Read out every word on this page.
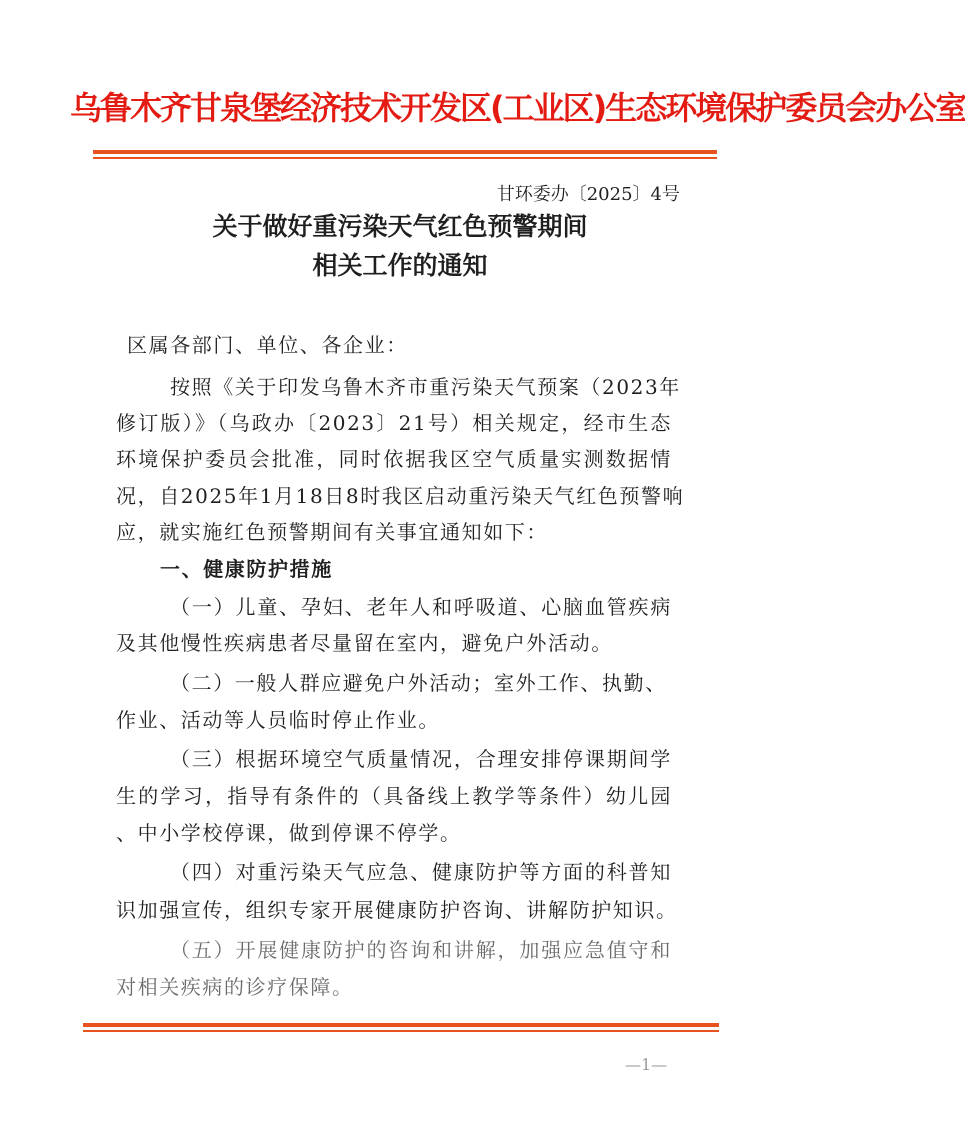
乌鲁木齐甘泉堡经济技术开发区(工业区)生态环境保护委员会办公室
甘环委办〔2025〕4号
关于做好重污染天气红色预警期间
相关工作的通知
区属各部门、单位、各企业：
按照《关于印发乌鲁木齐市重污染天气预案（2023年
修订版）》（乌政办〔2023〕21号）相关规定，经市生态
环境保护委员会批准，同时依据我区空气质量实测数据情
况，自2025年1月18日8时我区启动重污染天气红色预警响
应，就实施红色预警期间有关事宜通知如下：
一、健康防护措施
（一）儿童、孕妇、老年人和呼吸道、心脑血管疾病
及其他慢性疾病患者尽量留在室内，避免户外活动。
（二）一般人群应避免户外活动；室外工作、执勤、
作业、活动等人员临时停止作业。
（三）根据环境空气质量情况，合理安排停课期间学
生的学习，指导有条件的（具备线上教学等条件）幼儿园
、中小学校停课，做到停课不停学。
（四）对重污染天气应急、健康防护等方面的科普知
识加强宣传，组织专家开展健康防护咨询、讲解防护知识。
（五）开展健康防护的咨询和讲解，加强应急值守和
对相关疾病的诊疗保障。
—1—
